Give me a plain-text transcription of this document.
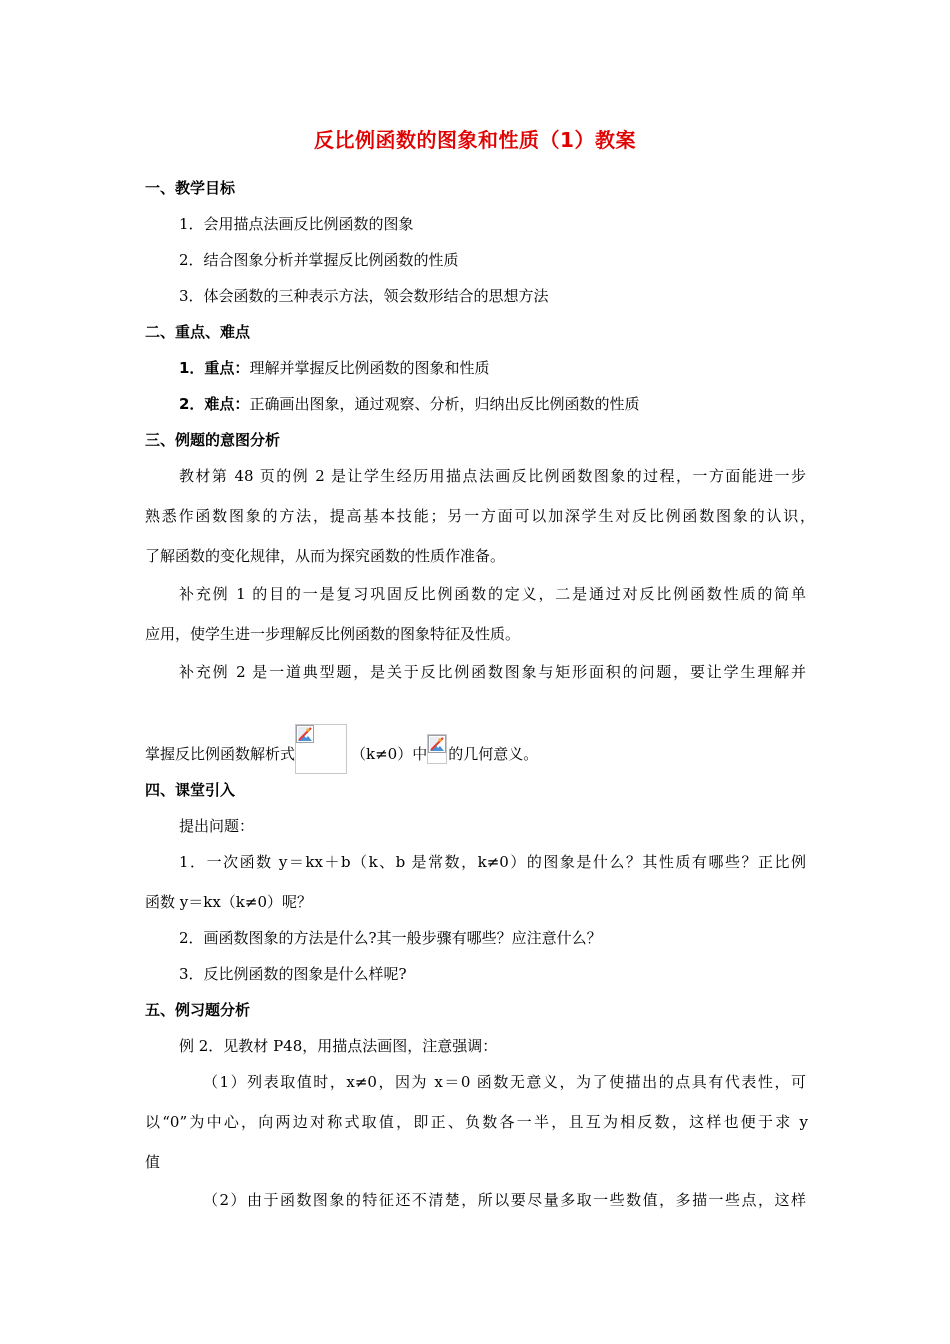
反比例函数的图象和性质（1）教案
一、教学目标
1．会用描点法画反比例函数的图象
2．结合图象分析并掌握反比例函数的性质
3．体会函数的三种表示方法，领会数形结合的思想方法
二、重点、难点
1．重点：理解并掌握反比例函数的图象和性质
2．难点：正确画出图象，通过观察、分析，归纳出反比例函数的性质
三、例题的意图分析
教材第 48 页的例 2 是让学生经历用描点法画反比例函数图象的过程，一方面能进一步
熟悉作函数图象的方法，提高基本技能；另一方面可以加深学生对反比例函数图象的认识，
了解函数的变化规律，从而为探究函数的性质作准备。
补充例 1 的目的一是复习巩固反比例函数的定义，二是通过对反比例函数性质的简单
应用，使学生进一步理解反比例函数的图象特征及性质。
补充例 2 是一道典型题，是关于反比例函数图象与矩形面积的问题，要让学生理解并
掌握反比例函数解析式	（k≠0）中 的几何意义。
四、课堂引入
提出问题：
1．一次函数 y＝kx＋b（k、b 是常数，k≠0）的图象是什么？其性质有哪些？正比例
函数 y＝kx（k≠0）呢？
2．画函数图象的方法是什么?其一般步骤有哪些？应注意什么？
3．反比例函数的图象是什么样呢?
五、例习题分析
例 2．见教材 P48，用描点法画图，注意强调：
（1）列表取值时，x≠0，因为 x＝0 函数无意义，为了使描出的点具有代表性，可
以“0”为中心，向两边对称式取值，即正、负数各一半，且互为相反数，这样也便于求 y
值
（2）由于函数图象的特征还不清楚，所以要尽量多取一些数值，多描一些点，这样
